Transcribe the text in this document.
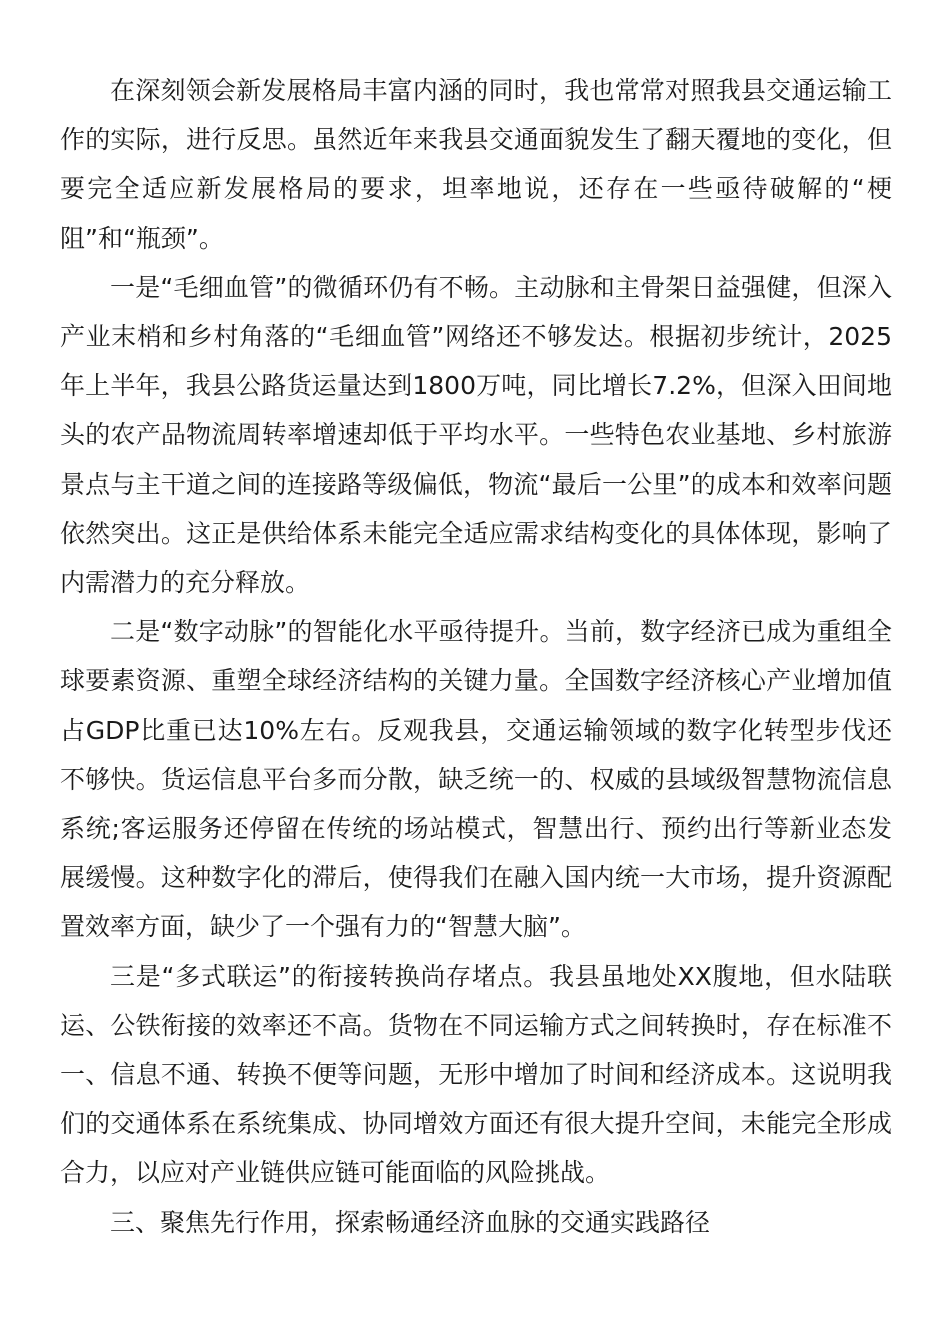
在深刻领会新发展格局丰富内涵的同时，我也常常对照我县交通运输工作的实际，进行反思。虽然近年来我县交通面貌发生了翻天覆地的变化，但要完全适应新发展格局的要求，坦率地说，还存在一些亟待破解的“梗阻”和“瓶颈”。

一是“毛细血管”的微循环仍有不畅。主动脉和主骨架日益强健，但深入产业末梢和乡村角落的“毛细血管”网络还不够发达。根据初步统计，2025年上半年，我县公路货运量达到1800万吨，同比增长7.2%，但深入田间地头的农产品物流周转率增速却低于平均水平。一些特色农业基地、乡村旅游景点与主干道之间的连接路等级偏低，物流“最后一公里”的成本和效率问题依然突出。这正是供给体系未能完全适应需求结构变化的具体体现，影响了内需潜力的充分释放。

二是“数字动脉”的智能化水平亟待提升。当前，数字经济已成为重组全球要素资源、重塑全球经济结构的关键力量。全国数字经济核心产业增加值占GDP比重已达10%左右。反观我县，交通运输领域的数字化转型步伐还不够快。货运信息平台多而分散，缺乏统一的、权威的县域级智慧物流信息系统;客运服务还停留在传统的场站模式，智慧出行、预约出行等新业态发展缓慢。这种数字化的滞后，使得我们在融入国内统一大市场，提升资源配置效率方面，缺少了一个强有力的“智慧大脑”。

三是“多式联运”的衔接转换尚存堵点。我县虽地处XX腹地，但水陆联运、公铁衔接的效率还不高。货物在不同运输方式之间转换时，存在标准不一、信息不通、转换不便等问题，无形中增加了时间和经济成本。这说明我们的交通体系在系统集成、协同增效方面还有很大提升空间，未能完全形成合力，以应对产业链供应链可能面临的风险挑战。

三、聚焦先行作用，探索畅通经济血脉的交通实践路径
